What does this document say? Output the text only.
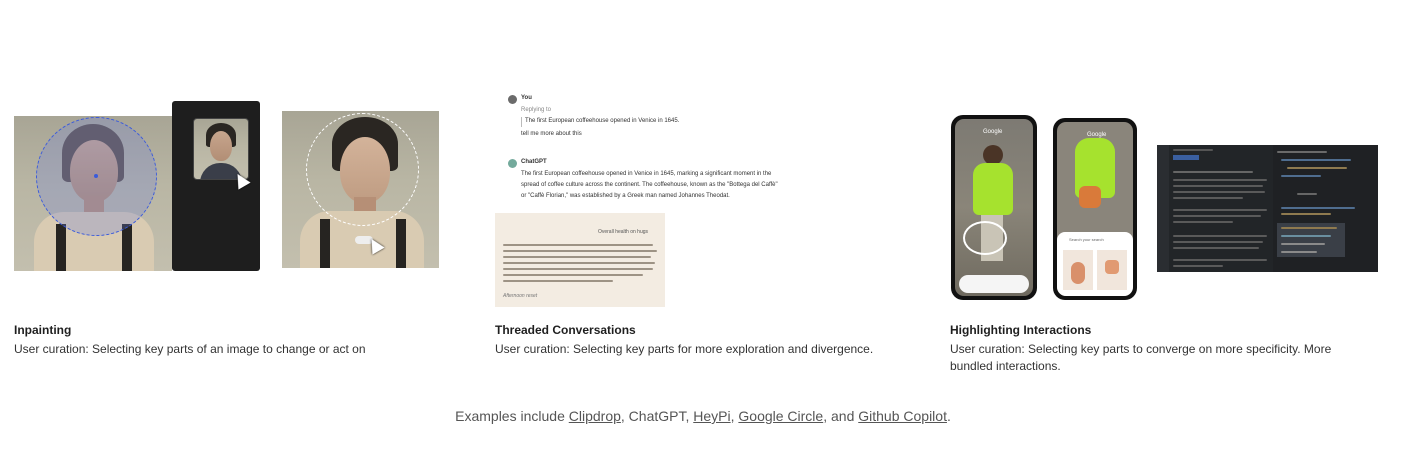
Inpainting
User curation: Selecting key parts of an image to change or act on
You
Replying to
The first European coffeehouse opened in Venice in 1645.
tell me more about this
ChatGPT
The first European coffeehouse opened in Venice in 1645, marking a significant moment in the
spread of coffee culture across the continent. The coffeehouse, known as the "Bottega del Caffè"
or "Caffè Florian," was established by a Greek man named Johannes Theodat.
Overall health on hugs
Afternoon reset
Threaded Conversations
User curation: Selecting key parts for more exploration and divergence.
Google	Google
Search your search
Highlighting Interactions
User curation: Selecting key parts to converge on more specificity. More bundled interactions.
Examples include Clipdrop, ChatGPT, HeyPi, Google Circle, and Github Copilot.
